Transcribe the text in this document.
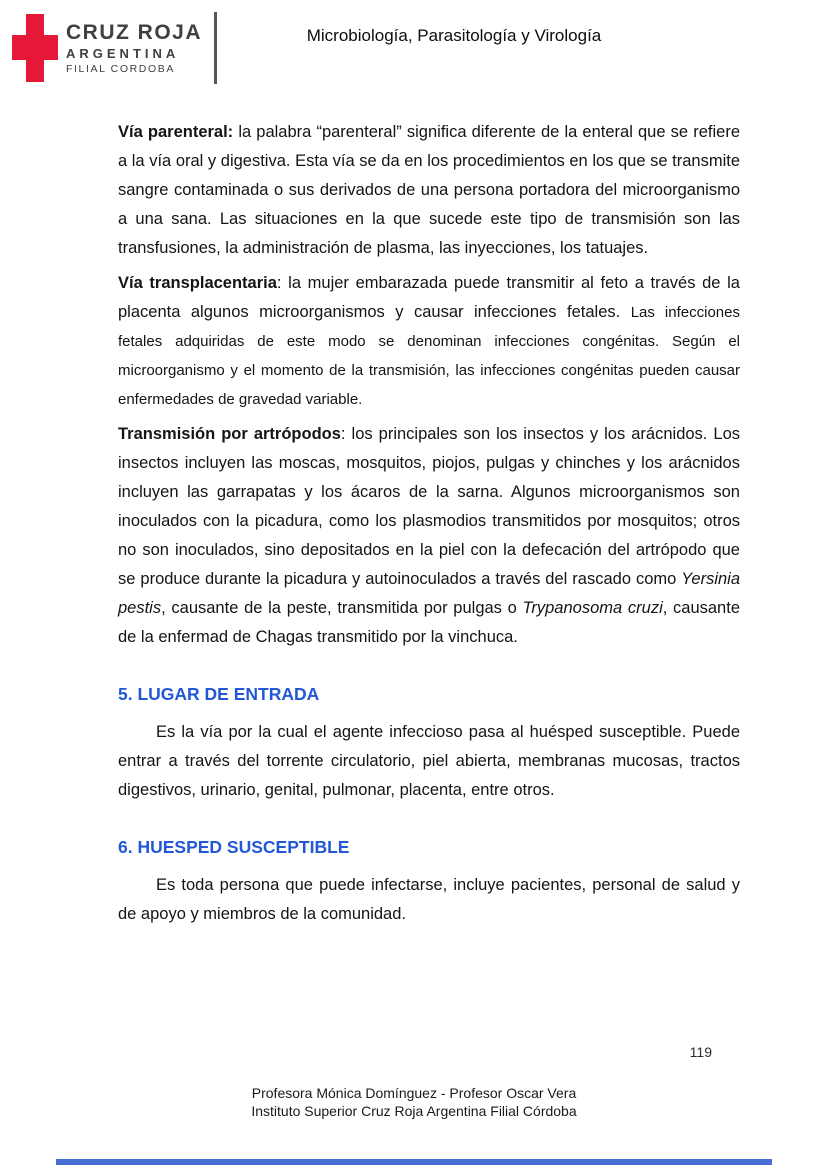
CRUZ ROJA
ARGENTINA
FILIAL CORDOBA
Microbiología, Parasitología y Virología

Vía parenteral: la palabra “parenteral” significa diferente de la enteral que se refiere a la vía oral y digestiva. Esta vía se da en los procedimientos en los que se transmite sangre contaminada o sus derivados de una persona portadora del microorganismo a una sana. Las situaciones en la que sucede este tipo de transmisión son las transfusiones, la administración de plasma, las inyecciones, los tatuajes.

Vía transplacentaria: la mujer embarazada puede transmitir al feto a través de la placenta algunos microorganismos y causar infecciones fetales. Las infecciones fetales adquiridas de este modo se denominan infecciones congénitas. Según el microorganismo y el momento de la transmisión, las infecciones congénitas pueden causar enfermedades de gravedad variable.

Transmisión por artrópodos: los principales son los insectos y los arácnidos. Los insectos incluyen las moscas, mosquitos, piojos, pulgas y chinches y los arácnidos incluyen las garrapatas y los ácaros de la sarna. Algunos microorganismos son inoculados con la picadura, como los plasmodios transmitidos por mosquitos; otros no son inoculados, sino depositados en la piel con la defecación del artrópodo que se produce durante la picadura y autoinoculados a través del rascado como Yersinia pestis, causante de la peste, transmitida por pulgas o Trypanosoma cruzi, causante de la enfermad de Chagas transmitido por la vinchuca.

5. LUGAR DE ENTRADA

Es la vía por la cual el agente infeccioso pasa al huésped susceptible. Puede entrar a través del torrente circulatorio, piel abierta, membranas mucosas, tractos digestivos, urinario, genital, pulmonar, placenta, entre otros.

6. HUESPED SUSCEPTIBLE

Es toda persona que puede infectarse, incluye pacientes, personal de salud y de apoyo y miembros de la comunidad.

119
Profesora Mónica Domínguez - Profesor Oscar Vera
Instituto Superior Cruz Roja Argentina Filial Córdoba
